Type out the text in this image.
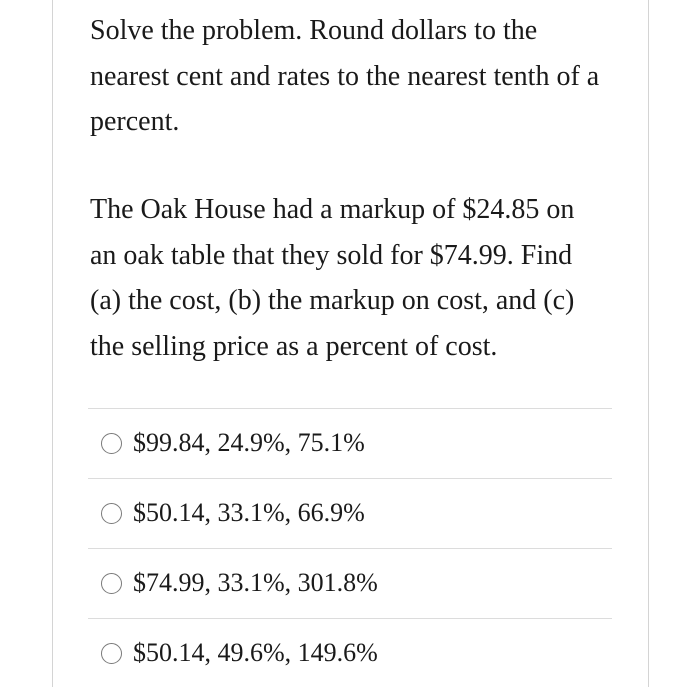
Solve the problem. Round dollars to the
nearest cent and rates to the nearest tenth of a
percent.

The Oak House had a markup of $24.85 on
an oak table that they sold for $74.99. Find
(a) the cost, (b) the markup on cost, and (c)
the selling price as a percent of cost.

$99.84, 24.9%, 75.1%
$50.14, 33.1%, 66.9%
$74.99, 33.1%, 301.8%
$50.14, 49.6%, 149.6%
